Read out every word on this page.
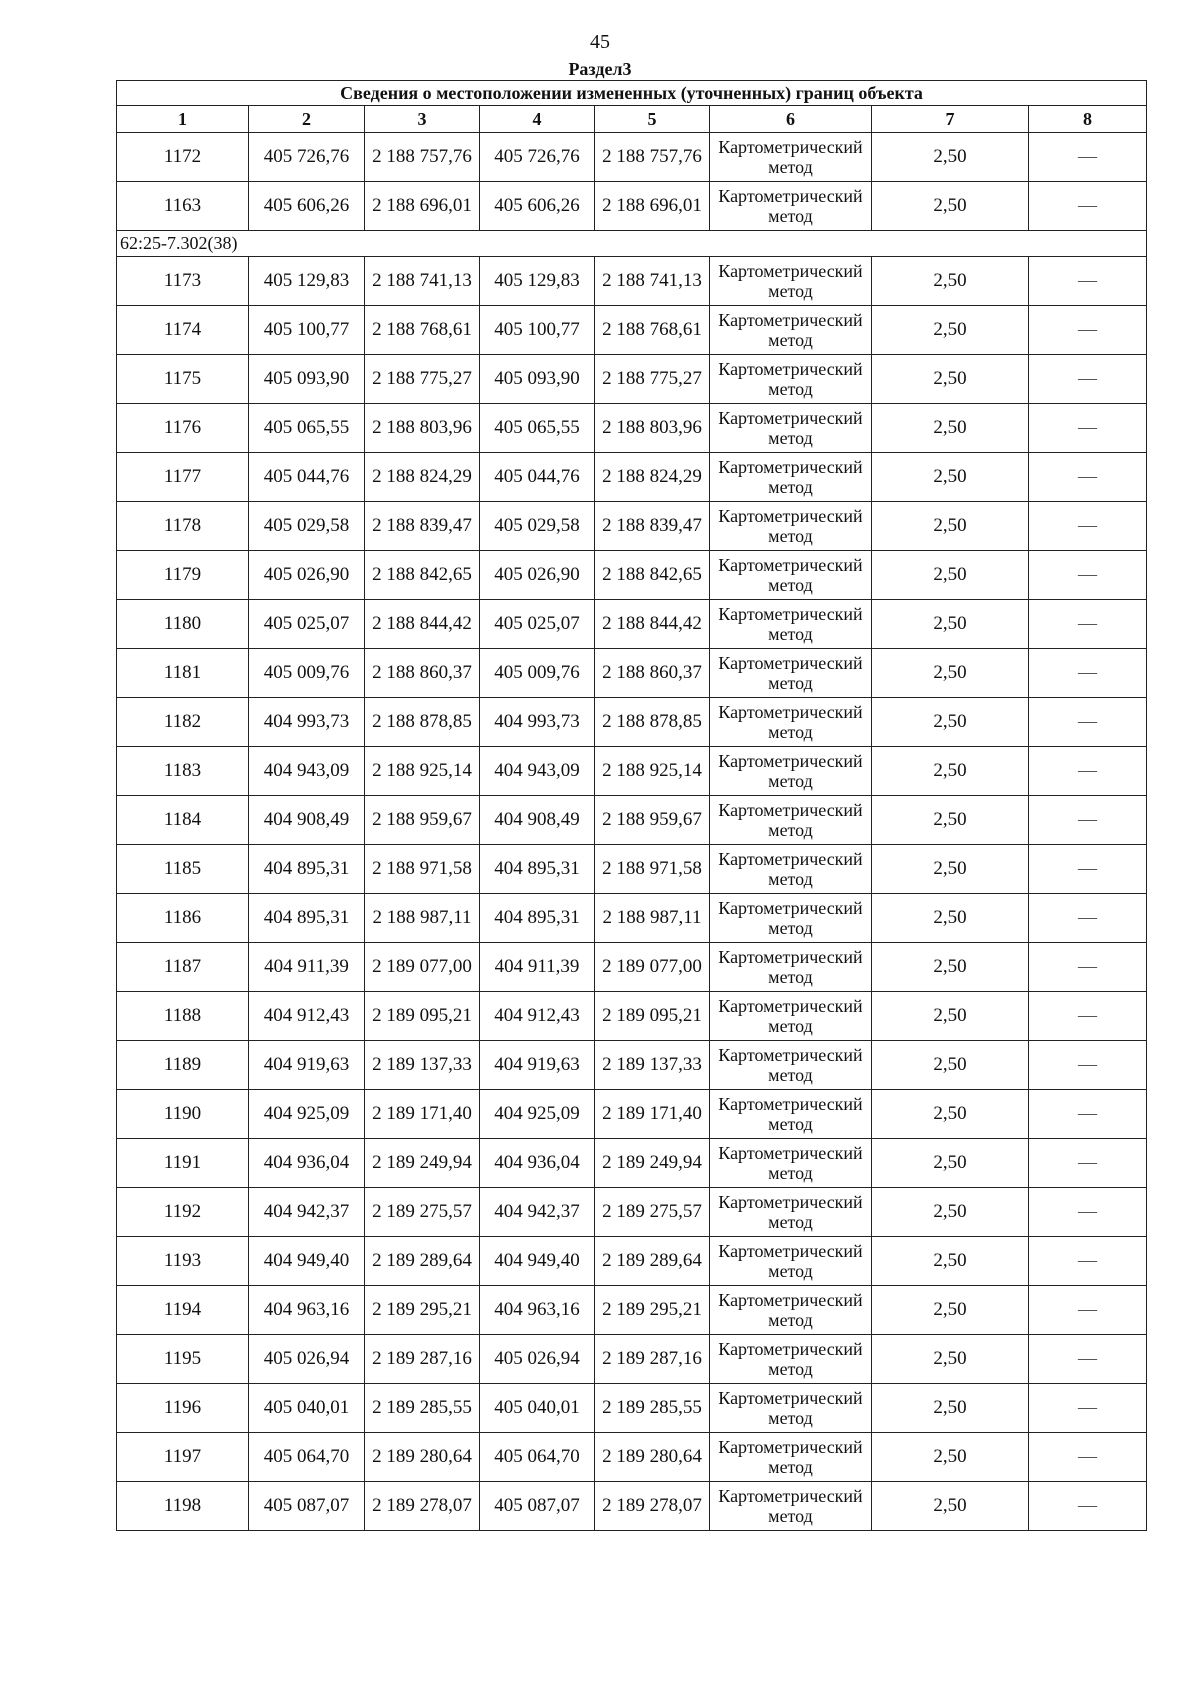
45
Раздел3
Сведения о местоположении измененных (уточненных) границ объекта							
1	2	3	4	5	6	7	8
1172	405 726,76	2 188 757,76	405 726,76	2 188 757,76	Картометрический метод	2,50	—
1163	405 606,26	2 188 696,01	405 606,26	2 188 696,01	Картометрический метод	2,50	—
62:25-7.302(38)							
1173	405 129,83	2 188 741,13	405 129,83	2 188 741,13	Картометрический метод	2,50	—
1174	405 100,77	2 188 768,61	405 100,77	2 188 768,61	Картометрический метод	2,50	—
1175	405 093,90	2 188 775,27	405 093,90	2 188 775,27	Картометрический метод	2,50	—
1176	405 065,55	2 188 803,96	405 065,55	2 188 803,96	Картометрический метод	2,50	—
1177	405 044,76	2 188 824,29	405 044,76	2 188 824,29	Картометрический метод	2,50	—
1178	405 029,58	2 188 839,47	405 029,58	2 188 839,47	Картометрический метод	2,50	—
1179	405 026,90	2 188 842,65	405 026,90	2 188 842,65	Картометрический метод	2,50	—
1180	405 025,07	2 188 844,42	405 025,07	2 188 844,42	Картометрический метод	2,50	—
1181	405 009,76	2 188 860,37	405 009,76	2 188 860,37	Картометрический метод	2,50	—
1182	404 993,73	2 188 878,85	404 993,73	2 188 878,85	Картометрический метод	2,50	—
1183	404 943,09	2 188 925,14	404 943,09	2 188 925,14	Картометрический метод	2,50	—
1184	404 908,49	2 188 959,67	404 908,49	2 188 959,67	Картометрический метод	2,50	—
1185	404 895,31	2 188 971,58	404 895,31	2 188 971,58	Картометрический метод	2,50	—
1186	404 895,31	2 188 987,11	404 895,31	2 188 987,11	Картометрический метод	2,50	—
1187	404 911,39	2 189 077,00	404 911,39	2 189 077,00	Картометрический метод	2,50	—
1188	404 912,43	2 189 095,21	404 912,43	2 189 095,21	Картометрический метод	2,50	—
1189	404 919,63	2 189 137,33	404 919,63	2 189 137,33	Картометрический метод	2,50	—
1190	404 925,09	2 189 171,40	404 925,09	2 189 171,40	Картометрический метод	2,50	—
1191	404 936,04	2 189 249,94	404 936,04	2 189 249,94	Картометрический метод	2,50	—
1192	404 942,37	2 189 275,57	404 942,37	2 189 275,57	Картометрический метод	2,50	—
1193	404 949,40	2 189 289,64	404 949,40	2 189 289,64	Картометрический метод	2,50	—
1194	404 963,16	2 189 295,21	404 963,16	2 189 295,21	Картометрический метод	2,50	—
1195	405 026,94	2 189 287,16	405 026,94	2 189 287,16	Картометрический метод	2,50	—
1196	405 040,01	2 189 285,55	405 040,01	2 189 285,55	Картометрический метод	2,50	—
1197	405 064,70	2 189 280,64	405 064,70	2 189 280,64	Картометрический метод	2,50	—
1198	405 087,07	2 189 278,07	405 087,07	2 189 278,07	Картометрический метод	2,50	—
